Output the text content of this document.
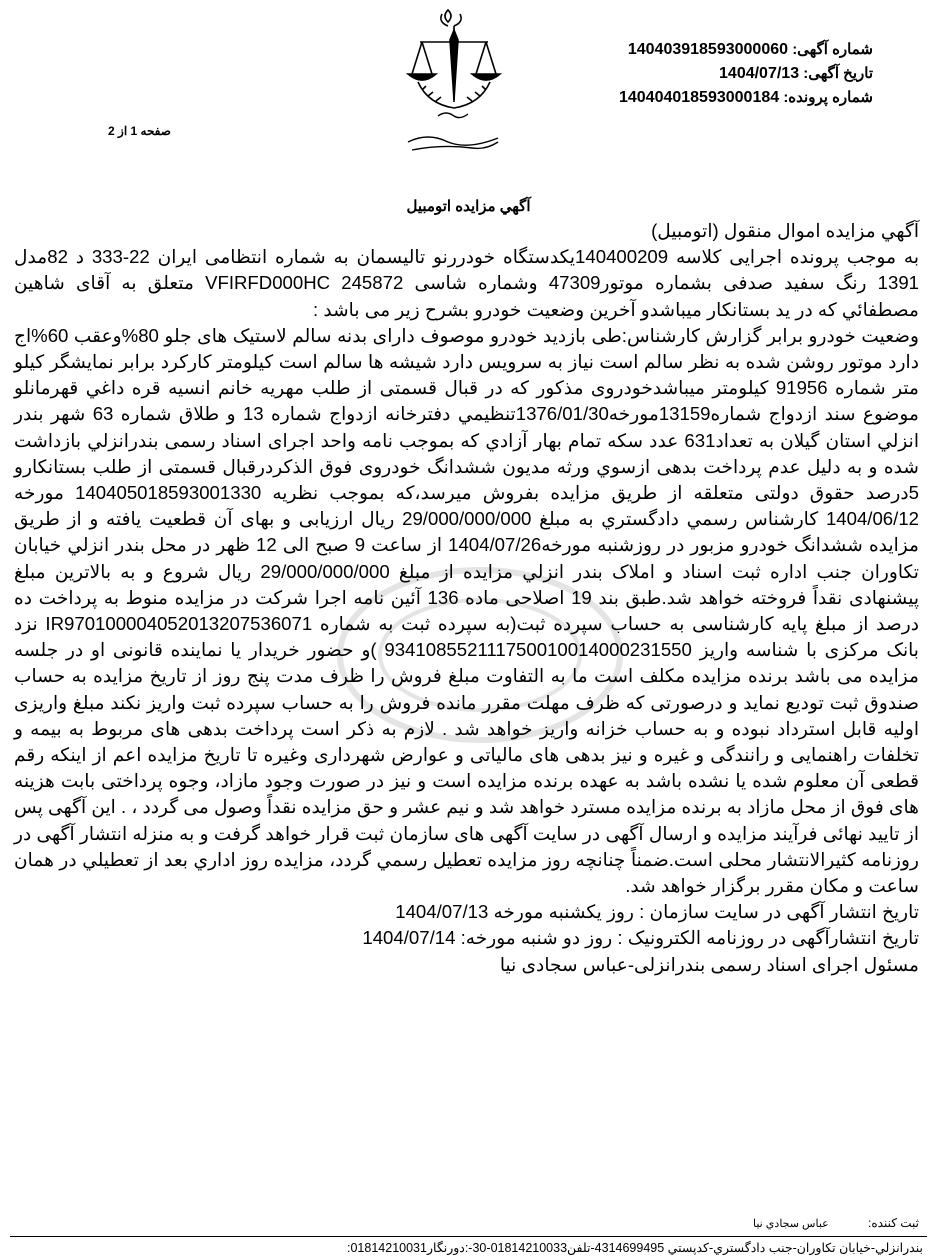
شماره آگهی: 14040391859300006​0
تاریخ آگهی: 1404/07/13
شماره پرونده: 140404018593000184
صفحه 1 از 2
آگهي مزایده اتومبیل

آگهي مزایده اموال منقول (اتومبیل)

به موجب پرونده اجرایی کلاسه 140400209یکدستگاه خودررنو تالیسمان به شماره انتظامی ایران 22-333 د 82مدل 1391 رنگ سفید صدفی بشماره موتور47309 وشماره شاسی VFIRFD000HC 245872 متعلق به آقای شاهین مصطفائي که در يد بستانکار میباشدو آخرین وضعیت خودرو بشرح زير می باشد :

وضعیت خودرو برابر گزارش کارشناس:طی بازدید خودرو موصوف دارای بدنه سالم لاستیک های جلو 80%وعقب 60%اج دارد موتور روشن شده به نظر سالم است نیاز به سرویس دارد شیشه ها سالم است کیلومتر کارکرد برابر نمایشگر کیلو متر شماره 91956 کیلومتر میباشدخودروی مذکور که در قبال قسمتی از طلب مهریه خانم انسیه قره داغي قهرمانلو موضوع سند ازدواج شماره13159مورخه1376/01/30تنظیمي دفترخانه ازدواج شماره 13 و طلاق شماره 63 شهر بندر انزلي استان گیلان به تعداد631 عدد سکه تمام بهار آزادي که بموجب نامه واحد اجرای اسناد رسمی بندرانزلي بازداشت شده و به دلیل عدم پرداخت بدهی ازسوي ورثه مدیون ششدانگ خودروی فوق الذکردرقبال قسمتی از طلب بستانکارو 5درصد حقوق دولتی متعلقه از طریق مزایده بفروش میرسد،که بموجب نظریه 140405018593001330 مورخه 1404/06/12 کارشناس رسمي دادگستري به مبلغ 29/000/000/000 ريال ارزيابی و بهای آن قطعیت یافته و از طریق مزایده ششدانگ خودرو مزبور در روزشنبه مورخه1404/07/26 از ساعت 9 صبح الی 12 ظهر در محل بندر انزلي خیابان تكاوران جنب اداره ثبت اسناد و املاک بندر انزلي مزایده از مبلغ 29/000/000/000 ریال شروع و به بالاترین مبلغ پیشنهادی نقداً فروخته خواهد شد.طبق بند 19 اصلاحی ماده 136 آئین نامه اجرا شرکت در مزایده منوط به پرداخت ده درصد از مبلغ پایه کارشناسی به حساب سپرده ثبت(به سپرده ثبت به شماره IR970100004052013207536071 نزد بانک مرکزی با شناسه واریز 934108552111750010014000231550 )و حضور خریدار یا نماینده قانونی او در جلسه مزایده می باشد برنده مزایده مکلف است ما به التفاوت مبلغ فروش را ظرف مدت پنج روز از تاریخ مزایده به حساب صندوق ثبت تودیع نماید و درصورتی که ظرف مهلت مقرر مانده فروش را به حساب سپرده ثبت واریز نکند مبلغ واریزی اولیه قابل استرداد نبوده و به حساب خزانه واریز خواهد شد . لازم به ذکر است پرداخت بدهی های مربوط به بیمه و تخلفات راهنمایی و رانندگی و غیره و نیز بدهی های مالیاتی و عوارض شهرداری وغیره تا تاریخ مزایده اعم از اینکه رقم قطعی آن معلوم شده یا نشده باشد به عهده برنده مزایده است و نیز در صورت وجود مازاد، وجوه پرداختی بابت هزینه های فوق از محل مازاد به برنده مزایده مسترد خواهد شد و نیم عشر و حق مزایده نقداً وصول می گردد ، . این آگهی پس از تایید نهائی فرآیند مزایده و ارسال آگهی در سایت آگهی های سازمان ثبت قرار خواهد گرفت و به منزله انتشار آگهی در روزنامه کثیرالانتشار محلی است.ضمناً چنانچه روز مزایده تعطیل رسمي گردد، مزايده روز اداري بعد از تعطيلي در همان ساعت و مكان مقرر برگزار خواهد شد.

تاریخ انتشار آگهی در سایت سازمان : روز یکشنبه مورخه 1404/07/13

تاریخ انتشارآگهی در روزنامه الکترونیک : روز دو شنبه مورخه: 1404/07/14

مسئول اجرای اسناد رسمی بندرانزلی-عباس سجادی نیا

ثبت كننده: عباس سجادي نيا
بندرانزلي-خيابان تكاوران-جنب دادگستري-كدپستي 4314699495-تلفن01814210033-30-:دورنگار01814210031:
